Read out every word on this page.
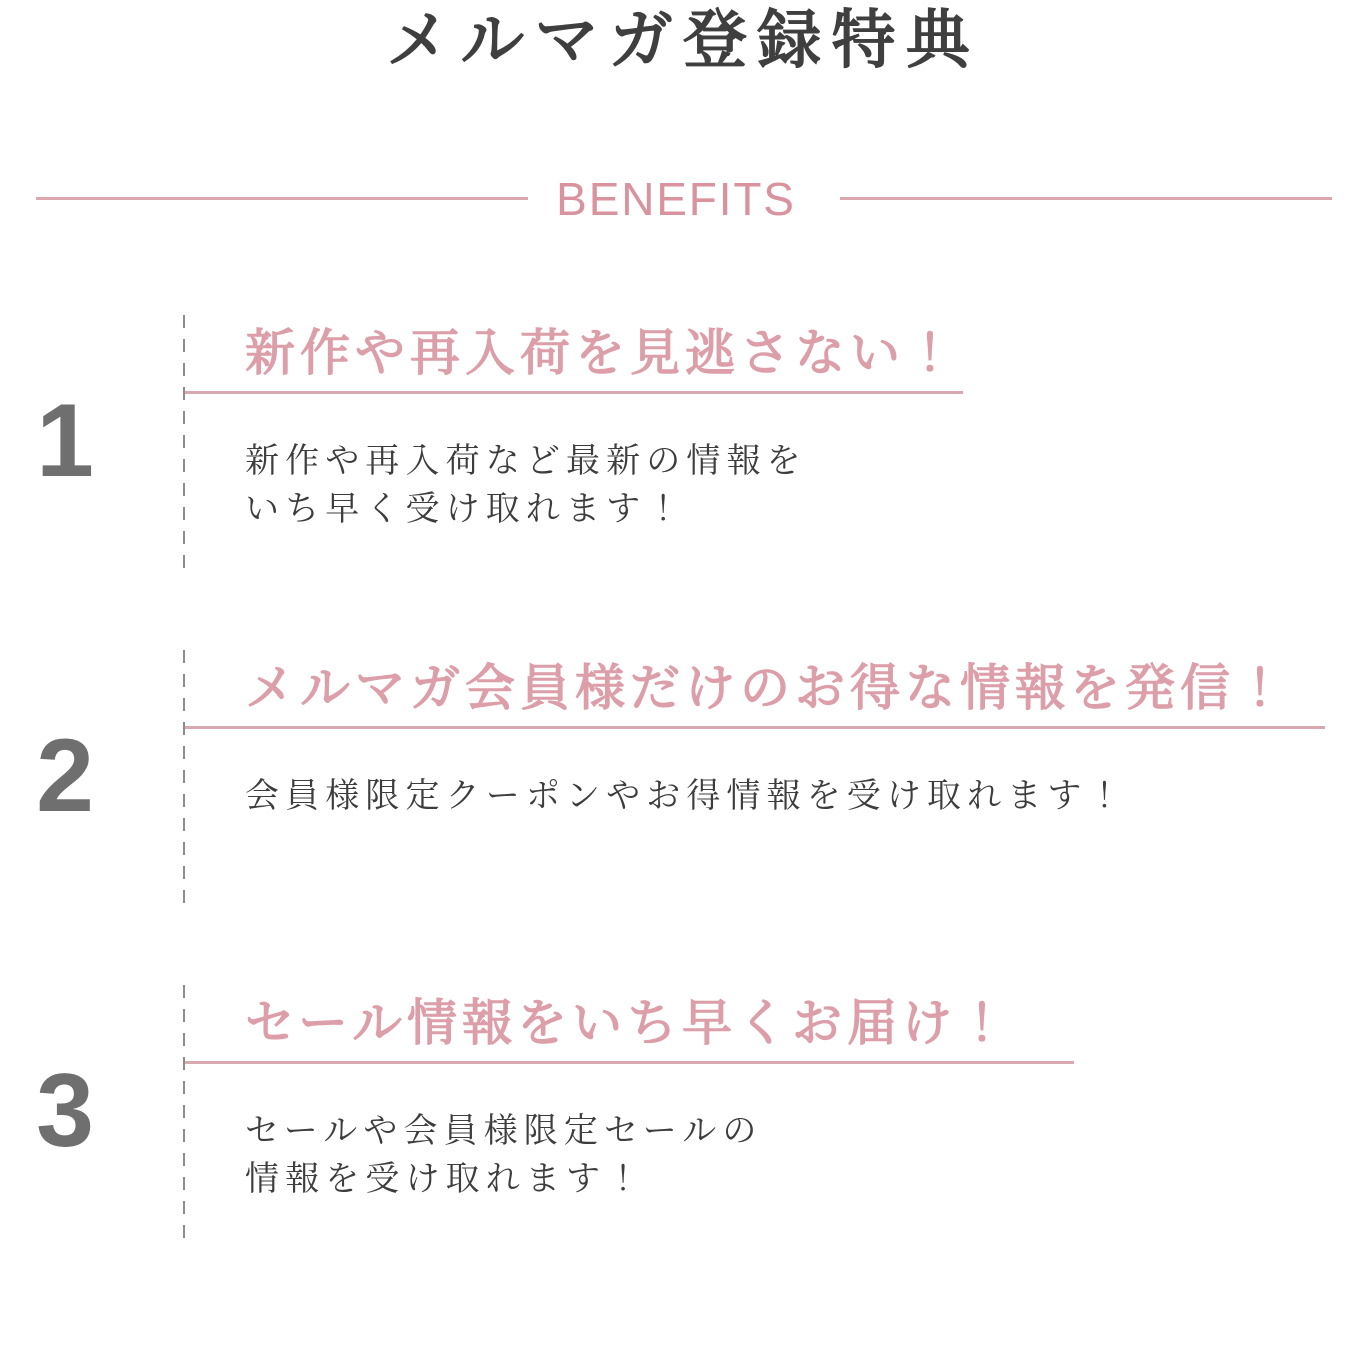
メルマガ登録特典
BENEFITS
1
新作や再入荷を見逃さない！

新作や再入荷など最新の情報を
いち早く受け取れます！

2
メルマガ会員様だけのお得な情報を発信！

会員様限定クーポンやお得情報を受け取れます！

3
セール情報をいち早くお届け！

セールや会員様限定セールの
情報を受け取れます！
